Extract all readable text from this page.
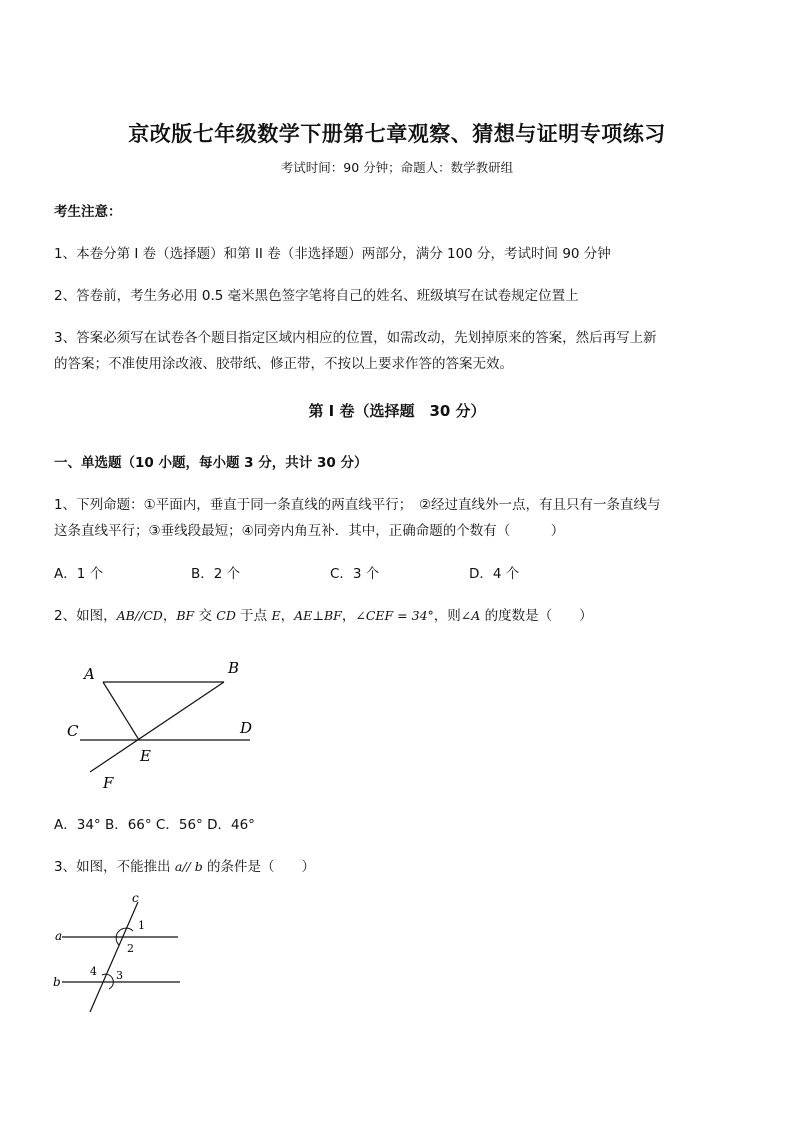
京改版七年级数学下册第七章观察、猜想与证明专项练习
考试时间：90 分钟；命题人：数学教研组
考生注意：
1、本卷分第 I 卷（选择题）和第 II 卷（非选择题）两部分，满分 100 分，考试时间 90 分钟
2、答卷前，考生务必用 0.5 毫米黑色签字笔将自己的姓名、班级填写在试卷规定位置上
3、答案必须写在试卷各个题目指定区域内相应的位置，如需改动，先划掉原来的答案，然后再写上新
的答案；不准使用涂改液、胶带纸、修正带，不按以上要求作答的答案无效。
第 I 卷（选择题　30 分）
一、单选题（10 小题，每小题 3 分，共计 30 分）
1、下列命题：①平面内，垂直于同一条直线的两直线平行；　②经过直线外一点，有且只有一条直线与
这条直线平行；③垂线段最短；④同旁内角互补．其中，正确命题的个数有（　　　）
A．1 个	B．2 个	C．3 个	D．4 个
2、如图，AB//CD，BF 交 CD 于点 E，AE⊥BF，∠CEF = 34°，则∠A 的度数是（　　）
A	B
C	D
E
F
a
b
c
1
2
3
4
A．34° B．66° C．56° D．46°
3、如图，不能推出 a// b 的条件是（　　）
